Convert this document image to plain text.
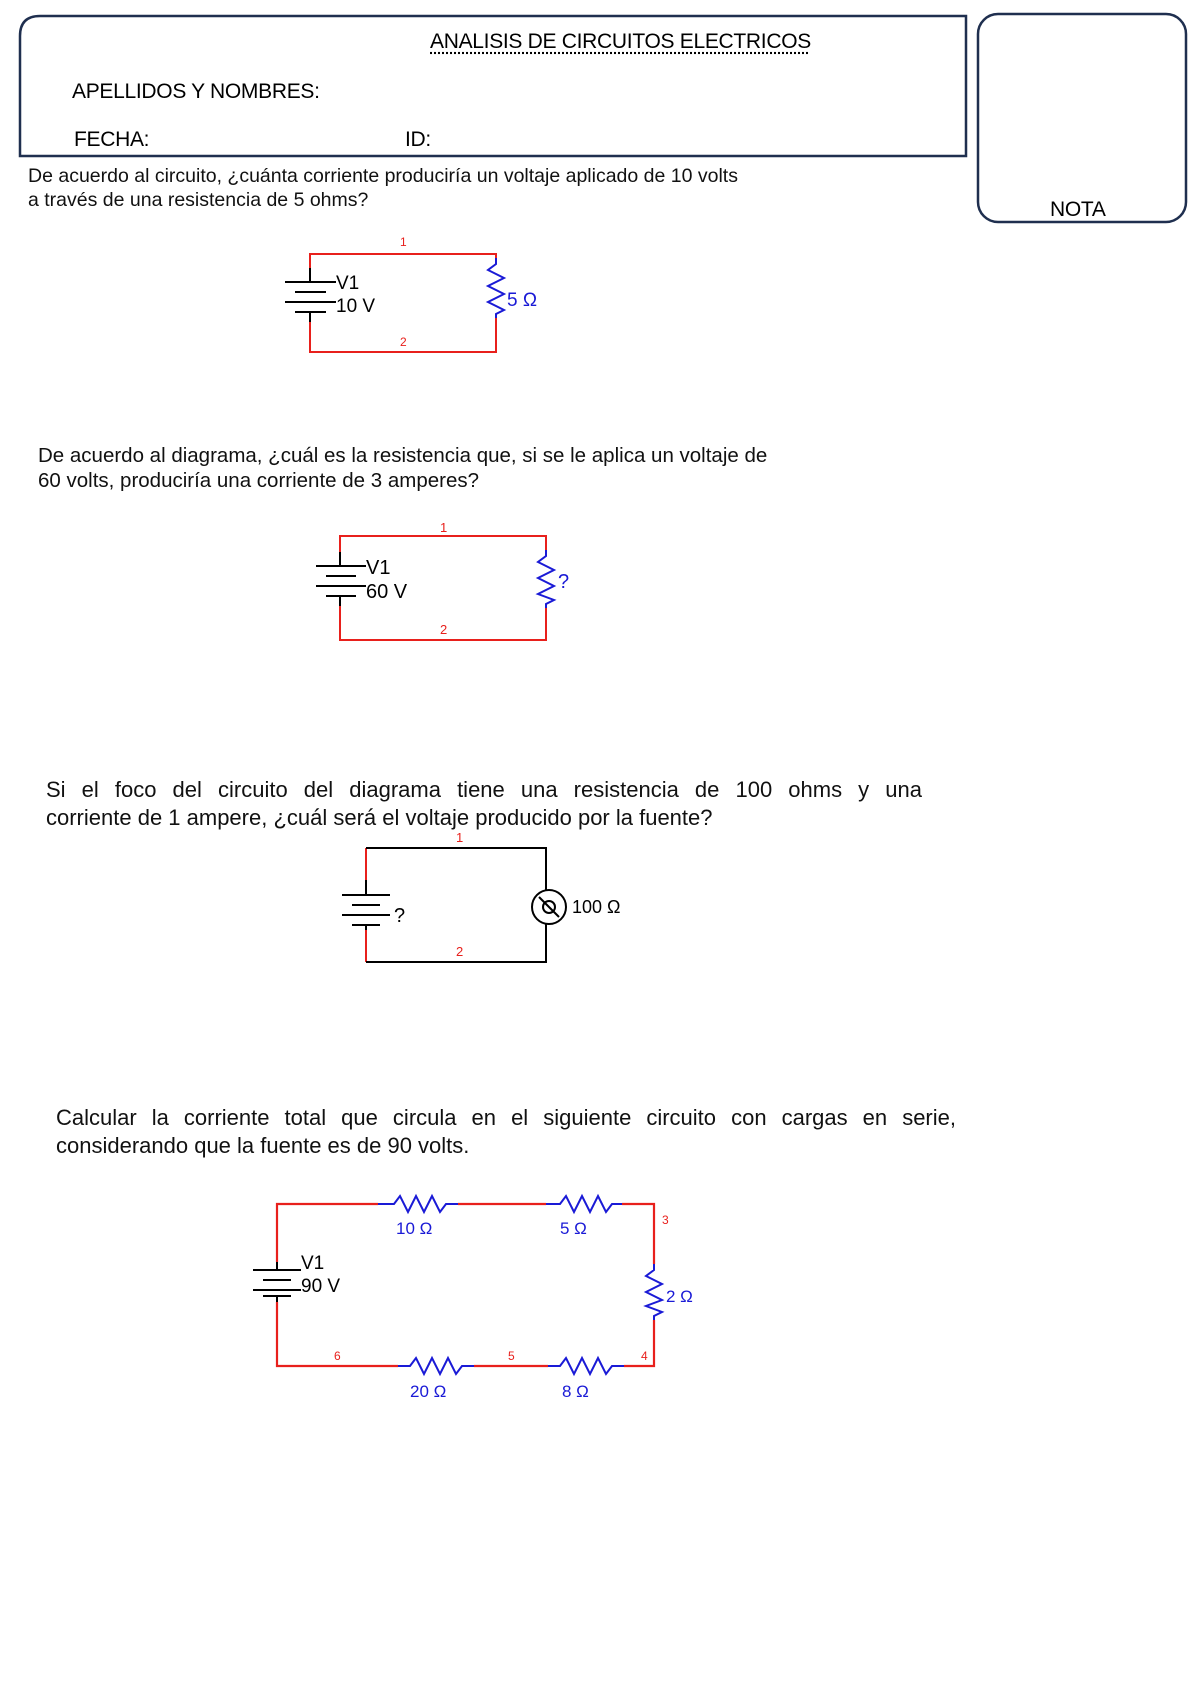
ANALISIS DE CIRCUITOS ELECTRICOS
APELLIDOS Y NOMBRES:
FECHA:	ID:
NOTA
De acuerdo al circuito, ¿cuánta corriente produciría un voltaje aplicado de 10 volts
a través de una resistencia de 5 ohms?
V1
10 V	5 Ω
1
2
De acuerdo al diagrama, ¿cuál es la resistencia que, si se le aplica un voltaje de
60 volts, produciría una corriente de 3 amperes?
V1
60 V	?
1
2
Si el foco del circuito del diagrama tiene una resistencia de 100 ohms y una
corriente de 1 ampere, ¿cuál será el voltaje producido por la fuente?
?	100 Ω
1
2
Calcular la corriente total que circula en el siguiente circuito con cargas en serie,
considerando que la fuente es de 90 volts.
V1
90 V
10 Ω	5 Ω
2 Ω
20 Ω	8 Ω
3
4
5
6
